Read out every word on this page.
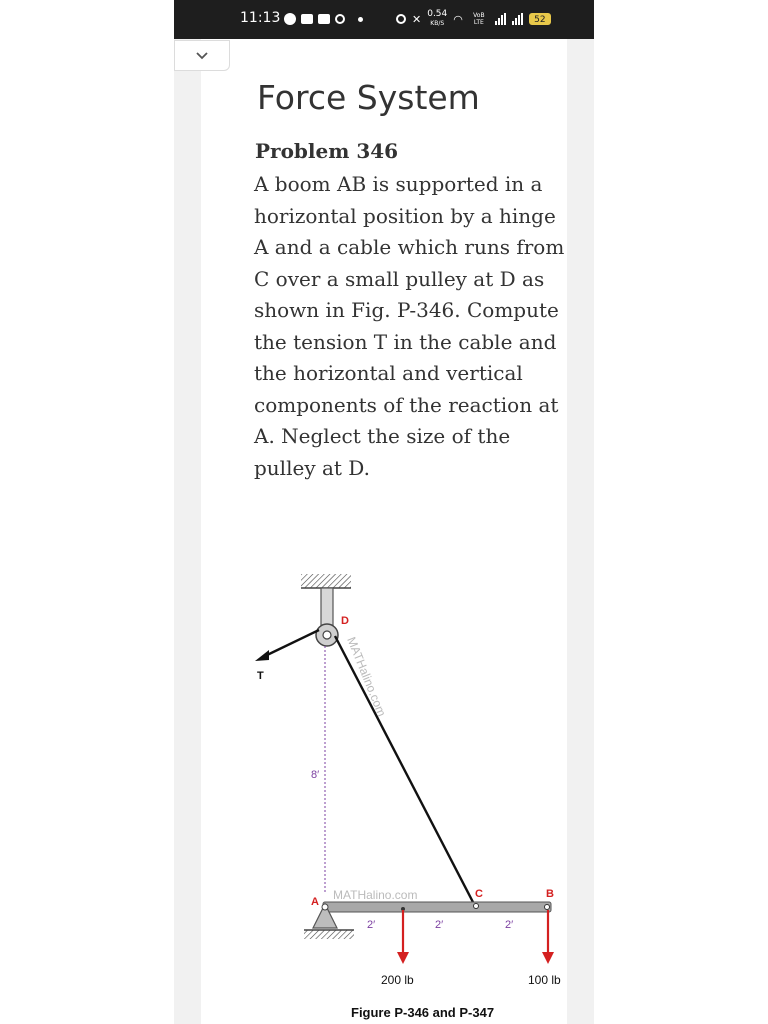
11:13	✕ 0.54
KB/S ◠	VoB LTE	52
Force System
Problem 346
A boom AB is supported in a horizontal position by a hinge A and a cable which runs from C over a small pulley at D as shown in Fig. P-346. Compute the tension T in the cable and the horizontal and vertical components of the reaction at A. Neglect the size of the pulley at D.
D
T	MATHalino.com
8′
MATHalino.com
A
C	B
2′	2′	2′
200 lb	100 lb
Figure P-346 and P-347
